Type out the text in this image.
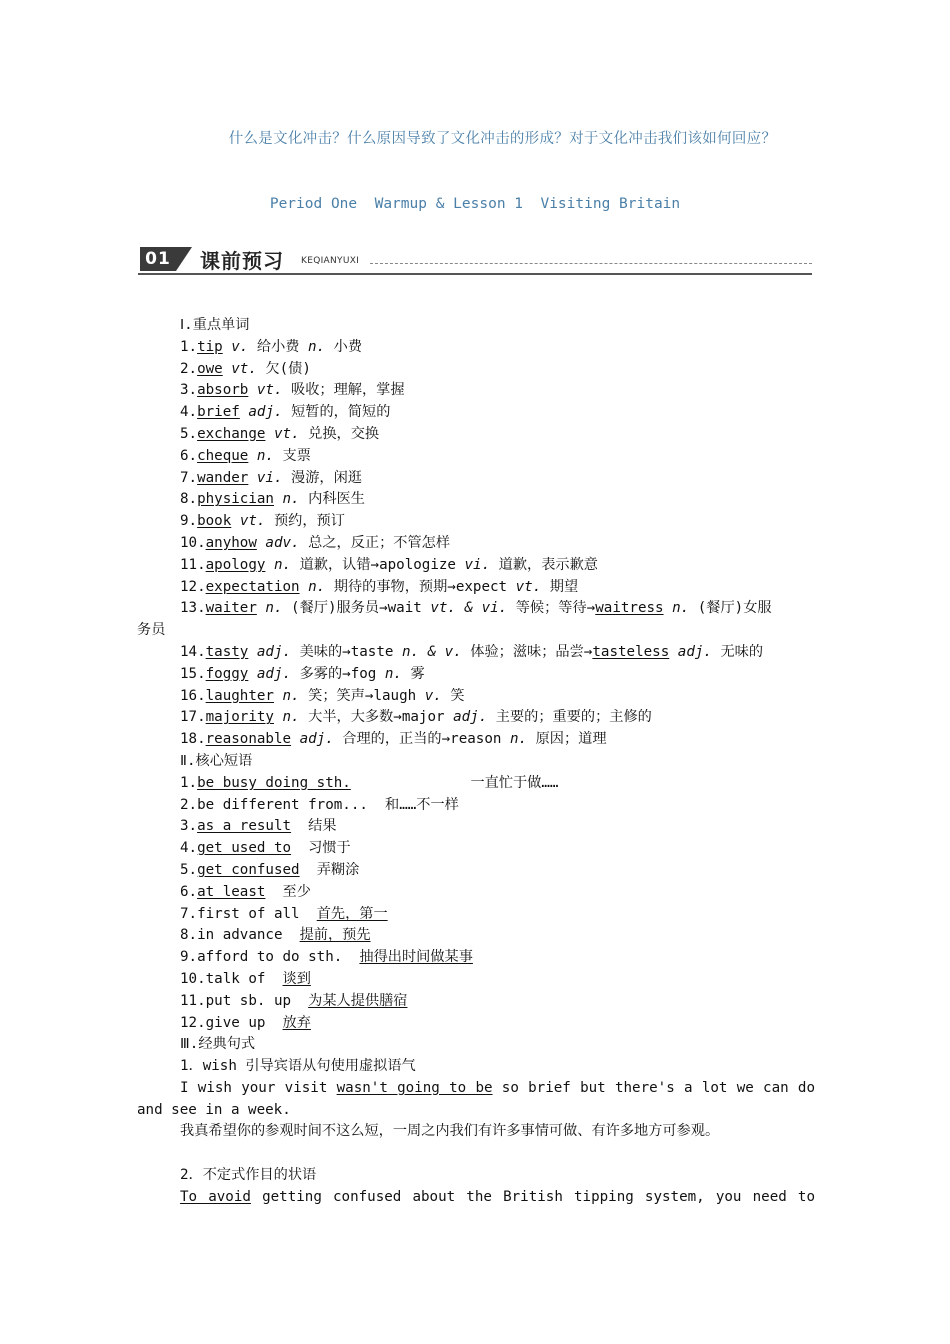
什么是文化冲击？什么原因导致了文化冲击的形成？对于文化冲击我们该如何回应？
Period One  Warmup & Lesson 1  Visiting Britain
01 课前预习 KEQIANYUXI
Ⅰ.重点单词
1.tip v. 给小费 n. 小费
2.owe vt. 欠(债)
3.absorb vt. 吸收；理解，掌握
4.brief adj. 短暂的，简短的
5.exchange vt. 兑换，交换
6.cheque n. 支票
7.wander vi. 漫游，闲逛
8.physician n. 内科医生
9.book vt. 预约，预订
10.anyhow adv. 总之，反正；不管怎样
11.apology n. 道歉，认错→apologize vi. 道歉，表示歉意
12.expectation n. 期待的事物，预期→expect vt. 期望
13.waiter n. (餐厅)服务员→wait vt. & vi. 等候；等待→waitress n. (餐厅)女服
务员
14.tasty adj. 美味的→taste n. & v. 体验；滋味；品尝→tasteless adj. 无味的
15.foggy adj. 多雾的→fog n. 雾
16.laughter n. 笑；笑声→laugh v. 笑
17.majority n. 大半，大多数→major adj. 主要的；重要的；主修的
18.reasonable adj. 合理的，正当的→reason n. 原因；道理
Ⅱ.核心短语
1.be busy doing sth.	一直忙于做……
2.be different from... 和……不一样
3.as a result 结果
4.get used to 习惯于
5.get confused 弄糊涂
6.at least 至少
7.first of all 首先，第一
8.in advance 提前，预先
9.afford to do sth. 抽得出时间做某事
10.talk of 谈到
11.put sb. up 为某人提供膳宿
12.give up 放弃
Ⅲ.经典句式
1．wish 引导宾语从句使用虚拟语气
I wish your visit wasn't going to be so brief but there's a lot we can do
and see in a week.
我真希望你的参观时间不这么短，一周之内我们有许多事情可做、有许多地方可参观。
2．不定式作目的状语
To avoid getting confused about the British tipping system, you need to
